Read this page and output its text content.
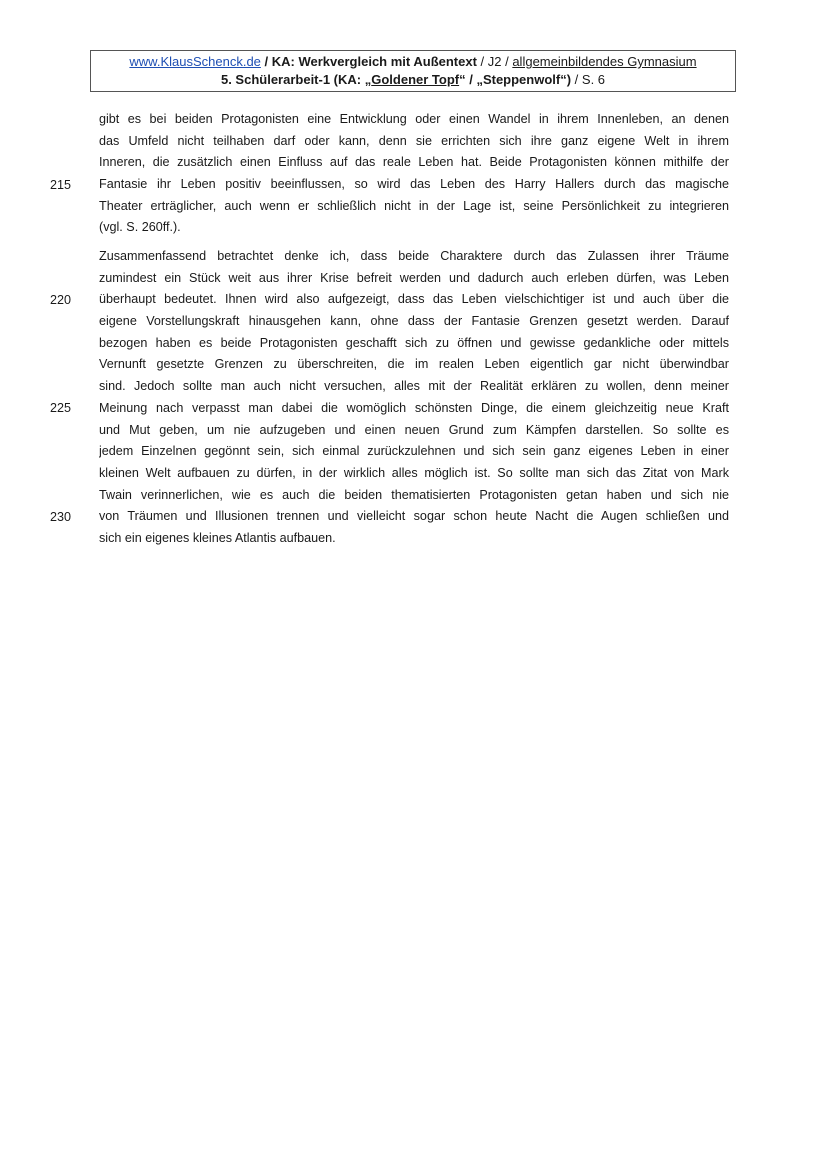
www.KlausSchenck.de / KA: Werkvergleich mit Außentext / J2 / allgemeinbildendes Gymnasium
5. Schülerarbeit-1 (KA: „Goldener Topf“ / „Steppenwolf“) / S. 6
gibt es bei beiden Protagonisten eine Entwicklung oder einen Wandel in ihrem Innenleben, an denen
das Umfeld nicht teilhaben darf oder kann, denn sie errichten sich ihre ganz eigene Welt in ihrem
Inneren, die zusätzlich einen Einfluss auf das reale Leben hat. Beide Protagonisten können mithilfe der
Fantasie ihr Leben positiv beeinflussen, so wird das Leben des Harry Hallers durch das magische
Theater erträglicher, auch wenn er schließlich nicht in der Lage ist, seine Persönlichkeit zu integrieren
(vgl. S. 260ff.).
Zusammenfassend betrachtet denke ich, dass beide Charaktere durch das Zulassen ihrer Träume
zumindest ein Stück weit aus ihrer Krise befreit werden und dadurch auch erleben dürfen, was Leben
überhaupt bedeutet. Ihnen wird also aufgezeigt, dass das Leben vielschichtiger ist und auch über die
eigene Vorstellungskraft hinausgehen kann, ohne dass der Fantasie Grenzen gesetzt werden. Darauf
bezogen haben es beide Protagonisten geschafft sich zu öffnen und gewisse gedankliche oder mittels
Vernunft gesetzte Grenzen zu überschreiten, die im realen Leben eigentlich gar nicht überwindbar
sind. Jedoch sollte man auch nicht versuchen, alles mit der Realität erklären zu wollen, denn meiner
Meinung nach verpasst man dabei die womöglich schönsten Dinge, die einem gleichzeitig neue Kraft
und Mut geben, um nie aufzugeben und einen neuen Grund zum Kämpfen darstellen. So sollte es
jedem Einzelnen gegönnt sein, sich einmal zurückzulehnen und sich sein ganz eigenes Leben in einer
kleinen Welt aufbauen zu dürfen, in der wirklich alles möglich ist. So sollte man sich das Zitat von Mark
Twain verinnerlichen, wie es auch die beiden thematisierten Protagonisten getan haben und sich nie
von Träumen und Illusionen trennen und vielleicht sogar schon heute Nacht die Augen schließen und
sich ein eigenes kleines Atlantis aufbauen.
215
220
225
230
